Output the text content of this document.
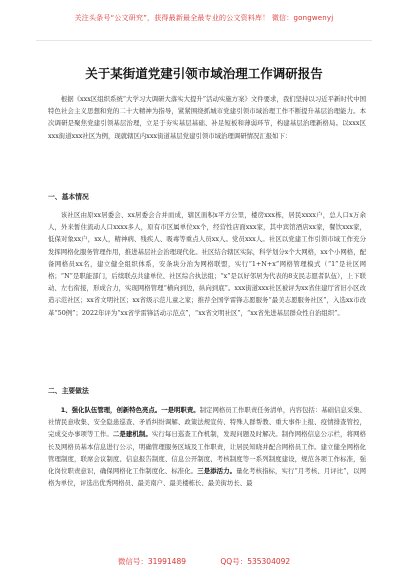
关注头条号“公文研究”，获得最新最全最专业的公文资料库！ 微信：gongwenyj
关于某街道党建引领市域治理工作调研报告
根据《xxx区组织系统“大学习大调研大落实大提升”活动实施方案》文件要求，我们坚持以习近平新时代中国特色社会主义思想和党的二十大精神为指导，紧紧围绕抓城市党建引领市域治理工作不断提升基层治理能力。本次调研是聚焦党建引领基层治理，立足于夯实基层基础、补足短板和薄弱环节，构建基层治理新格局。以xxx区xxx街道xxx社区为例，现就辖区内xxx街道基层党建引领市域治理调研情况汇报如下：
一、基本情况
该社区由原xx居委会、xx居委会合并而成，辖区面积x平方公里，楼房xxx栋，居民xxxx户，总人口x万余人，外来暂住流动人口xxxx多人，原有市区属单位xx个，经营性店面xxx家，其中宾馆酒店xx家，餐饮xxx家，低保对象xx户，xx人，精神病、残疾人、吸毒等重点人员xx人。党员xxx人。社区以党建工作引领市域工作充分发挥网格化服务管理作用，推进基层社会治理现代化。社区结合辖区实际，科学划分x个大网格，xx个小网格，配备网格员xx名，建立健全组织体系，安条块分治为网格联盟，实行“1+N+x”网格管理模式（“1”是社区网格；“N”是职能部门，后续联点共建单位、社区综合执法组；“x”是以好邻居为代表的8支民志愿者队伍），上下联动、左右衔接，形成合力，实现网格管理“横向到边，纵向到底”。xxx街道xxx社区被评为xx省住建厅省旧小区改造示范社区；xx省文明社区；xx省级示范儿童之家；推荐全国学雷锋志愿服务“最美志愿服务社区”，入选xx市改革“50例”；2022年评为“xx省学雷锋活动示范点”，“xx省文明社区”，“xx省先进基层群众性自治组织”。
二、主要做法
1、强化队伍管理，创新特色亮点。一是明职责。制定网格员工作职责任务清单，内容包括：基础信息采集、社情民意收集、安全隐患巡查、矛盾纠纷调解、政策法规宣传、特殊人群帮教、重大事件上报、疫情排查管控，完成交办事项等工作。二是建机制。实行每日巡查工作机制，发现问题及时解决。制作网格信息公示栏，将网格长及网格员基本信息进行公示，明确管理服务区域及工作职责，让居民知晓并配合网格员工作。建立健全网格化管理制度，联席会议制度、信息报告制度、信息公开制度、考核制度等一系列制度建设，规范各项工作标准，强化岗位职责意识，确保网格化工作制度化、标准化。三是添活力。量化考核指标，实行“月考核、月评比”，以网格为单位，评选出优秀网格员、最美南户、最美楼栋长、最美街坊长、最
微信号：31991489	QQ号：535304092
